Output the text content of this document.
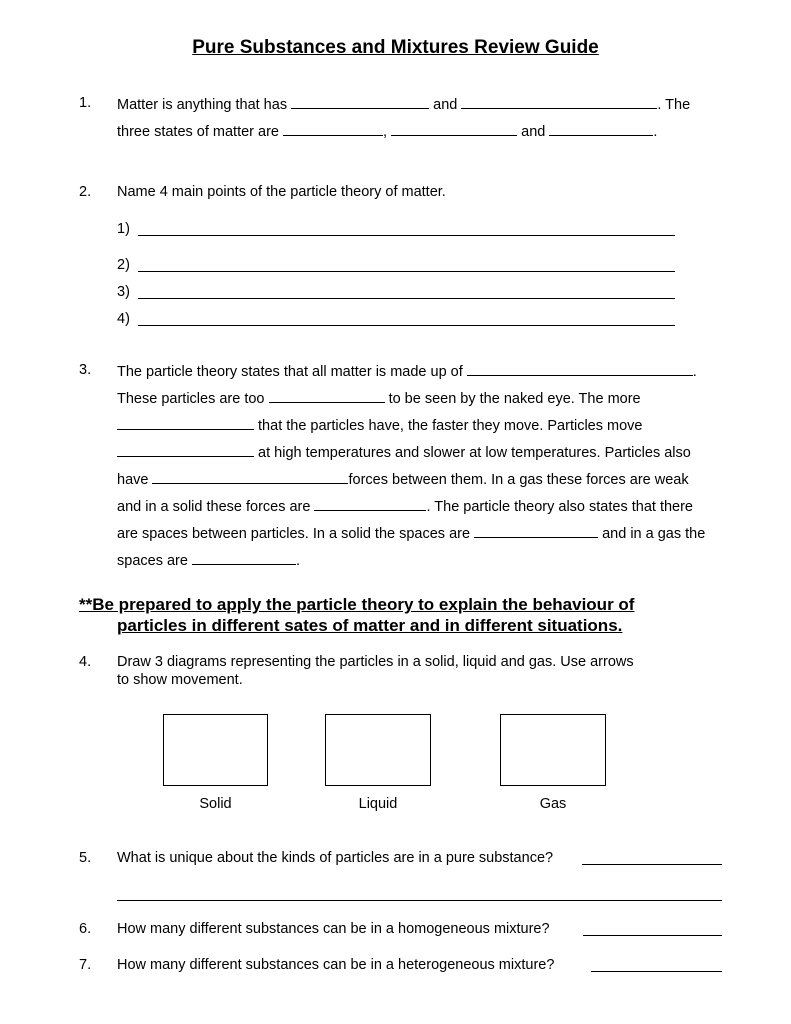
Pure Substances and Mixtures Review Guide
1. Matter is anything that has	and	. The
three states of matter are	,	and	.
2. Name 4 main points of the particle theory of matter.
1)
2)
3)
4)
3. The particle theory states that all matter is made up of	.
These particles are too	to be seen by the naked eye. The more
that the particles have, the faster they move. Particles move
at high temperatures and slower at low temperatures. Particles also
have	forces between them. In a gas these forces are weak
and in a solid these forces are	. The particle theory also states that there
are spaces between particles. In a solid the spaces are	and in a gas the
spaces are	.
**Be prepared to apply the particle theory to explain the behaviour of
particles in different sates of matter and in different situations.
4. Draw 3 diagrams representing the particles in a solid, liquid and gas. Use arrows
to show movement.
Solid	Liquid	Gas
5. What is unique about the kinds of particles are in a pure substance?
6. How many different substances can be in a homogeneous mixture?
7. How many different substances can be in a heterogeneous mixture?
